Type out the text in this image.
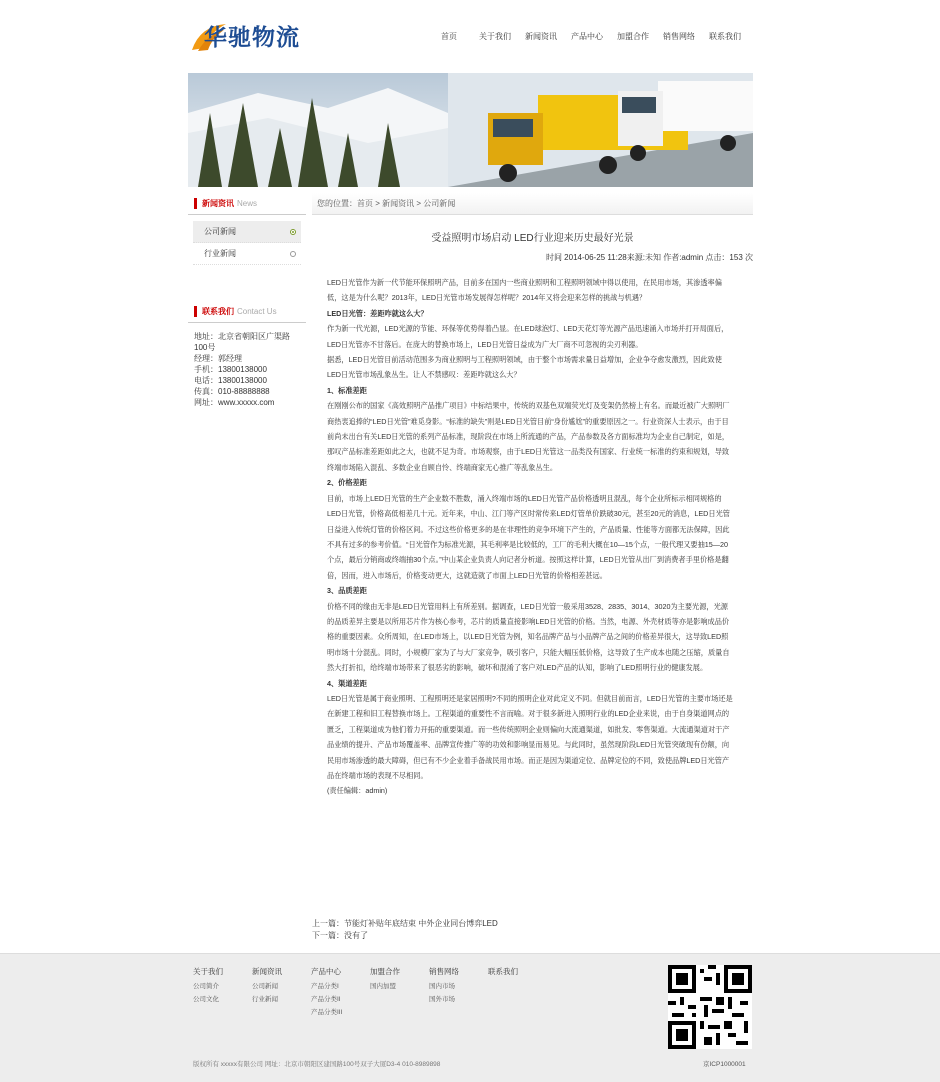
华驰物流	首页	关于我们	新闻资讯	产品中心	加盟合作	销售网络	联系我们
新闻资讯 News
公司新闻
行业新闻
联系我们 Contact Us
地址：北京省朝阳区广渠路100号
经理：郭经理
手机：13800138000
电话：13800138000
传真：010-88888888
网址：www.xxxxx.com
您的位置：首页 > 新闻资讯 > 公司新闻
受益照明市场启动 LED行业迎来历史最好光景
时间 2014-06-25 11:28来源:未知 作者:admin 点击：153 次

LED日光管作为新一代节能环保照明产品，目前多在国内一些商业照明和工程照明领域中得以使用，在民用市场，其渗透率偏低，这是为什么呢？2013年，LED日光管市场发展得怎样呢？2014年又将会迎来怎样的挑战与机遇？

LED日光管：差距咋就这么大？

作为新一代光源，LED光源的节能、环保等优势得着凸显。在LED球泡灯、LED天花灯等光源产品迅速涌入市场并打开局面后，LED日光管亦不甘落后。在庞大的替换市场上，LED日光管日益成为广大厂商不可忽视的尖刃利器。

据悉，LED日光管目前活动范围多为商业照明与工程照明领域，由于整个市场需求量日益增加，企业争夺愈发激烈，因此致使LED日光管市场乱象丛生。让人不禁感叹：差距咋就这么大？

1、标准差距

在刚刚公布的国家《高效照明产品推广项目》中标结果中，传统的双基色双端荧光灯及变架仍然榜上有名。而最近被广大照明厂商热衷追捧的“LED日光管”难觅身影。“标准的缺失”则是LED日光管目前“身份尴尬”的重要原因之一。行业资深人士表示，由于目前尚未出台有关LED日光管的系列产品标准，现阶段在市场上所流通的产品，产品参数及各方面标准均为企业自己制定，如是，那叹产品标准差距如此之大，也就不足为奇。市场观察，由于LED日光管这一品类没有国家、行业统一标准的约束和规划，导致终端市场陷入混乱、多数企业自顾自怜、终端商家无心推广等乱象丛生。

2、价格差距

目前，市场上LED日光管的生产企业数不胜数，涌入终端市场的LED日光管产品价格透明且混乱，每个企业所标示相同规格的LED日光管，价格高低相差几十元。近年来，中山、江门等产区时常传来LED灯管单价跌破30元，甚至20元的消息，LED日光管日益进入传统灯管的价格区间。不过这些价格更多的是在非理性的竞争环境下产生的，产品质量、性能等方面都无法保障，因此不具有过多的参考价值。“日光管作为标准光源，其毛利率是比较低的，工厂的毛利大概在10—15个点，一般代理又要抽15—20个点，最后分销商或终端抽30个点。”中山某企业负责人向记者分析道。按照这样计算，LED日光管从出厂到消费者手里价格是翻倍，因而，进入市场后，价格变动更大，这就造就了市面上LED日光管的价格相差甚远。

3、品质差距

价格不同的缘由无非是LED日光管用料上有所差别。据调查，LED日光管一般采用3528、2835、3014、3020为主要光源，光源的品质差异主要是以所用芯片作为核心参考，芯片的质量直接影响LED日光管的价格。当然，电源、外壳材质等亦是影响成品价格的重要因素。众所周知，在LED市场上，以LED日光管为例，知名品牌产品与小品牌产品之间的价格差异很大，这导致LED照明市场十分混乱。同时，小规模厂家为了与大厂家竞争，吸引客户，只能大幅压低价格，这导致了生产成本也随之压缩，质量自然大打折扣，给终端市场带来了很恶劣的影响，破坏和混淆了客户对LED产品的认知，影响了LED照明行业的健康发展。

4、渠道差距

LED日光管是属于商业照明、工程照明还是家居照明?不同的照明企业对此定义不同。但就目前而言，LED日光管的主要市场还是在新建工程和旧工程替换市场上。工程渠道的重要性不言而喻。对于很多新进入照明行业的LED企业来说，由于自身渠道网点的匮乏，工程渠道成为他们着力开拓的重要渠道。而一些传统照明企业则偏向大流通渠道，如批发、零售渠道。大流通渠道对于产品业绩的提升、产品市场覆盖率、品牌宣传推广等的功效和影响显而易见。与此同时，虽然现阶段LED日光管突破现有份额，向民用市场渗透的最大障碍，但已有不少企业着手备战民用市场。而正是因为渠道定位、品牌定位的不同，致使品牌LED日光管产品在终端市场的表现不尽相同。

(责任编辑：admin)

上一篇：节能灯补贴年底结束 中外企业同台博弈LED
下一篇：没有了
关于我们
公司简介
公司文化
新闻资讯
公司新闻
行业新闻
产品中心
产品分类I
产品分类II
产品分类III
加盟合作
国内加盟
销售网络
国内市场
国外市场
联系我们
版权所有 xxxxx有限公司 网址：北京市朝阳区建国路100号双子大厦D3-4 010-8989898	京ICP1000001
